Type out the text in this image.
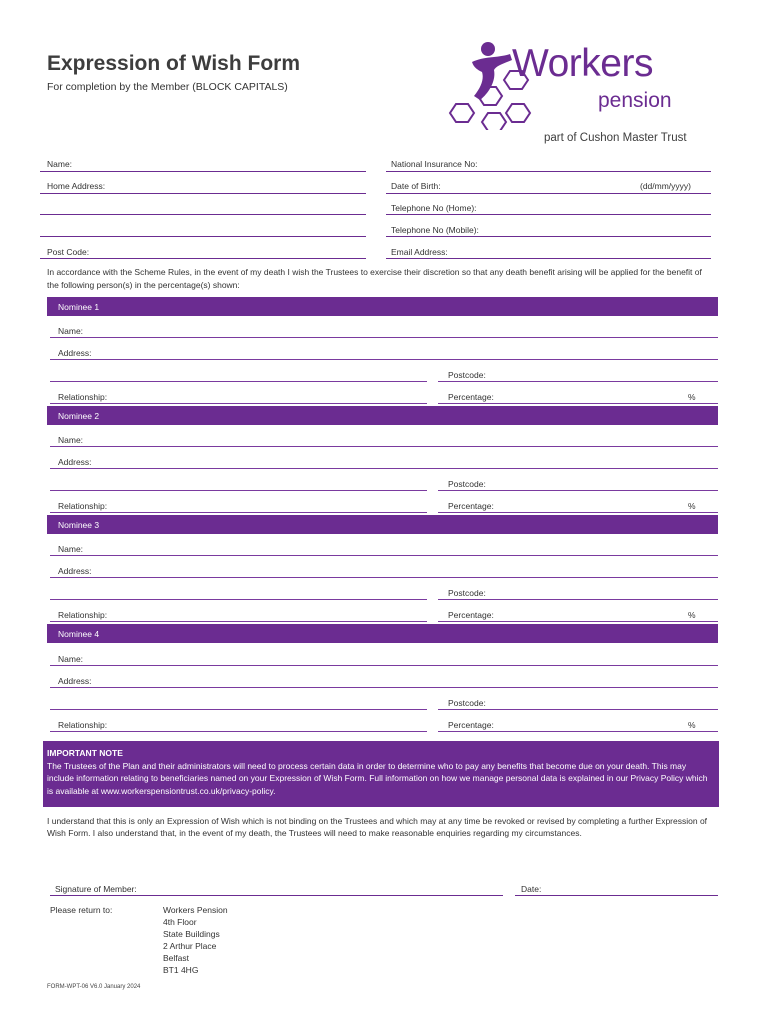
Expression of Wish Form
For completion by the Member (BLOCK CAPITALS)
Workers
pension
part of Cushon Master Trust
Name:
Home Address:
Post Code:
National Insurance No:
Date of Birth:	(dd/mm/yyyy)
Telephone No (Home):
Telephone No (Mobile):
Email Address:
In accordance with the Scheme Rules, in the event of my death I wish the Trustees to exercise their discretion so that any death benefit arising will be applied for the benefit of the following person(s) in the percentage(s) shown:
Nominee 1
Name:
Address:
Postcode:
Relationship:	Percentage:	%
Nominee 2
Name:
Address:
Postcode:
Relationship:	Percentage:	%
Nominee 3
Name:
Address:
Postcode:
Relationship:	Percentage:	%
Nominee 4
Name:
Address:
Postcode:
Relationship:	Percentage:	%
IMPORTANT NOTE
The Trustees of the Plan and their administrators will need to process certain data in order to determine who to pay any benefits that become due on your death. This may include information relating to beneficiaries named on your Expression of Wish Form. Full information on how we manage personal data is explained in our Privacy Policy which is available at www.workerspensiontrust.co.uk/privacy-policy.
I understand that this is only an Expression of Wish which is not binding on the Trustees and which may at any time be revoked or revised by completing a further Expression of Wish Form. I also understand that, in the event of my death, the Trustees will need to make reasonable enquiries regarding my circumstances.
Signature of Member:	Date:
Please return to:	Workers Pension
4th Floor
State Buildings
2 Arthur Place
Belfast
BT1 4HG
FORM-WPT-06 V6.0 January 2024
